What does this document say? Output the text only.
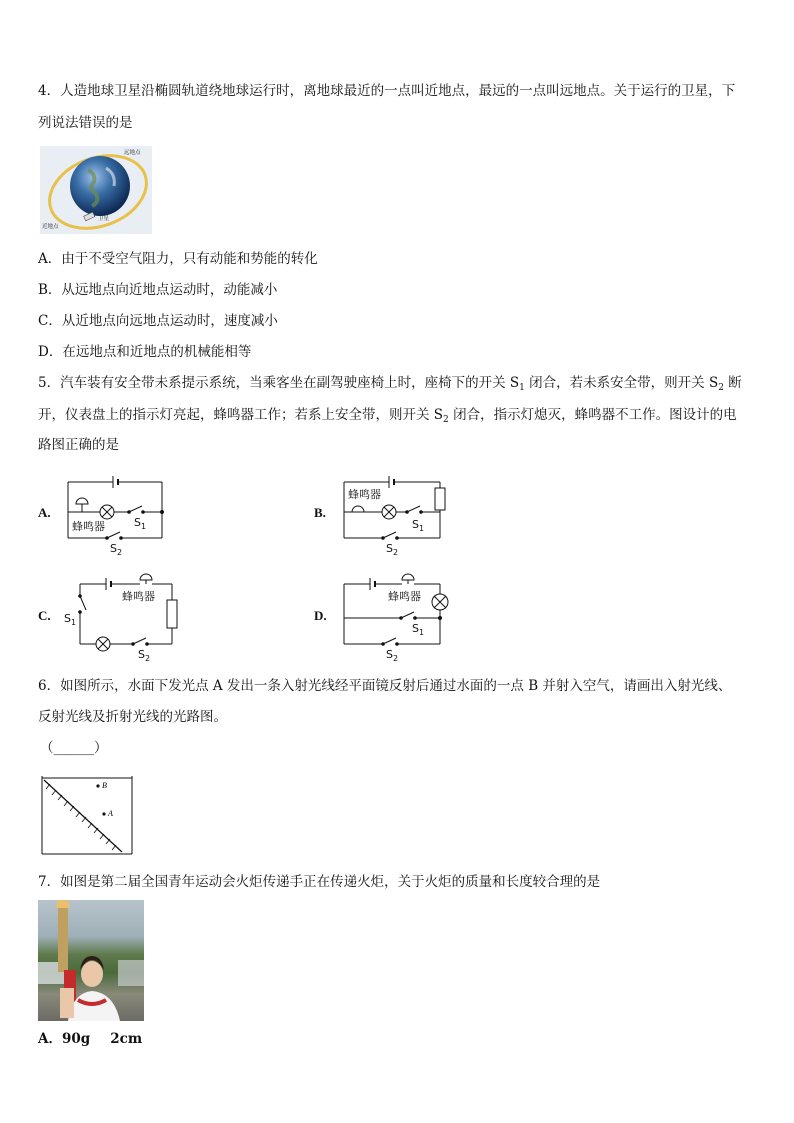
4．人造地球卫星沿椭圆轨道绕地球运行时，离地球最近的一点叫近地点，最远的一点叫远地点。关于运行的卫星，下
列说法错误的是
远地点
近地点
卫星
A．由于不受空气阻力，只有动能和势能的转化
B．从远地点向近地点运动时，动能减小
C．从近地点向远地点运动时，速度减小
D．在远地点和近地点的机械能相等
5．汽车装有安全带未系提示系统，当乘客坐在副驾驶座椅上时，座椅下的开关 $S_1$ 闭合，若未系安全带，则开关 $S_2$ 断
开，仪表盘上的指示灯亮起，蜂鸣器工作；若系上安全带，则开关 $S_2$ 闭合，指示灯熄灭，蜂鸣器不工作。图设计的电
路图正确的是
A.
蜂鸣器	$S_1$
$S_2$
B.
蜂鸣器
$S_1$
$S_2$
C.
蜂鸣器
$S_1$
$S_2$
D.
蜂鸣器
$S_1$
$S_2$
6．如图所示，水面下发光点 A 发出一条入射光线经平面镜反射后通过水面的一点 B 并射入空气，请画出入射光线、
反射光线及折射光线的光路图。
（______）
B
A
7．如图是第二届全国青年运动会火炬传递手正在传递火炬，关于火炬的质量和长度较合理的是
A．90g 2cm
